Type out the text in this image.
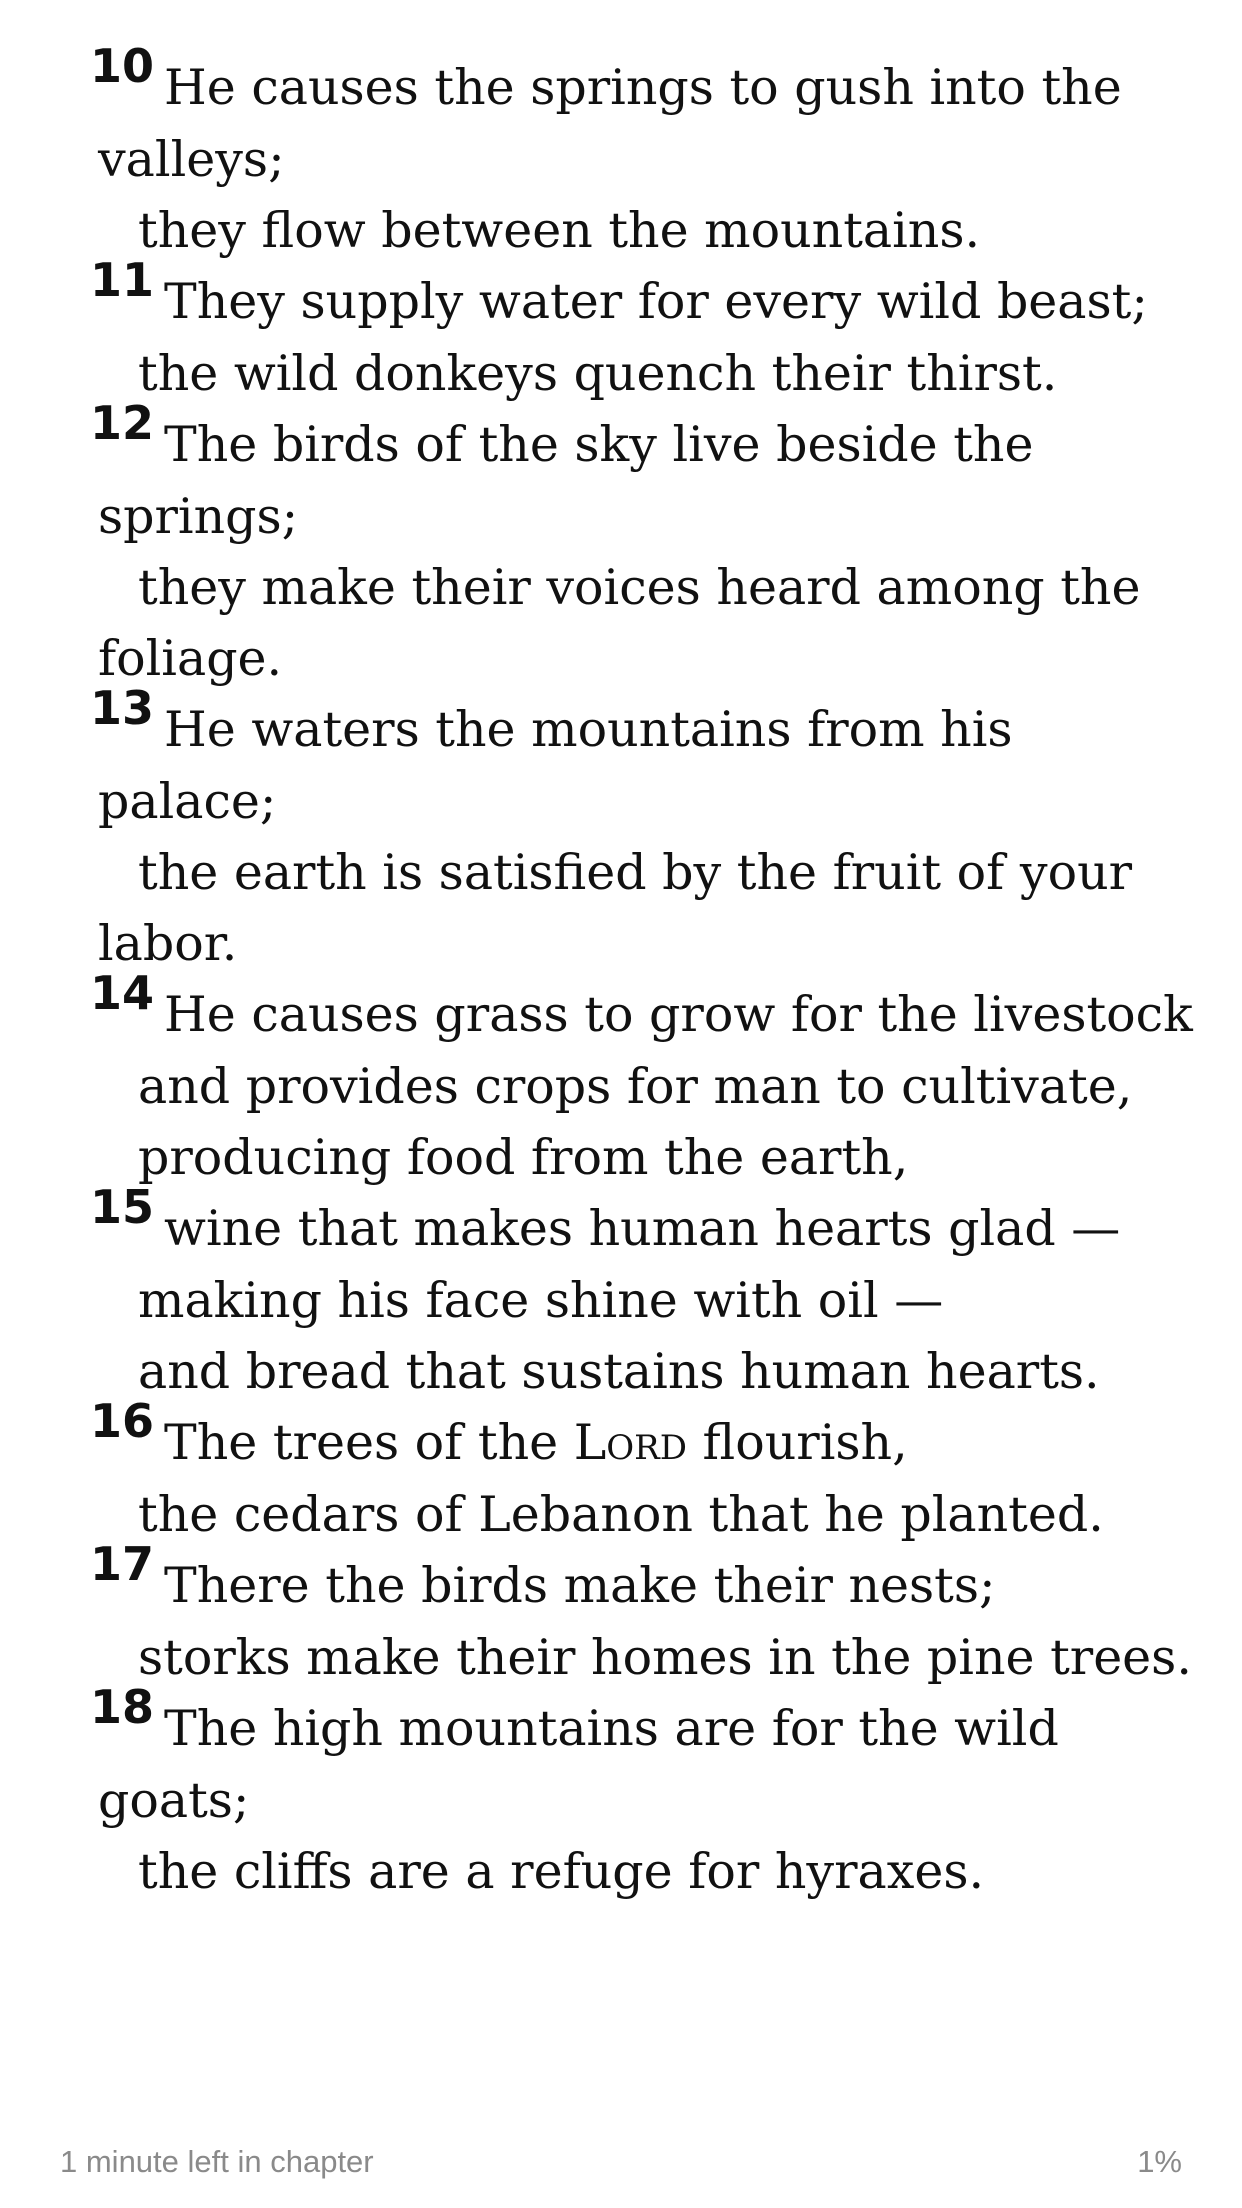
10 He causes the springs to gush into the
valleys;
they flow between the mountains.
11 They supply water for every wild beast;
the wild donkeys quench their thirst.
12 The birds of the sky live beside the
springs;
they make their voices heard among the
foliage.
13 He waters the mountains from his
palace;
the earth is satisfied by the fruit of your
labor.
14 He causes grass to grow for the livestock
and provides crops for man to cultivate,
producing food from the earth,
15 wine that makes human hearts glad —
making his face shine with oil —
and bread that sustains human hearts.
16 The trees of the Lord flourish,
the cedars of Lebanon that he planted.
17 There the birds make their nests;
storks make their homes in the pine trees.
18 The high mountains are for the wild
goats;
the cliffs are a refuge for hyraxes.
1 minute left in chapter	1%
